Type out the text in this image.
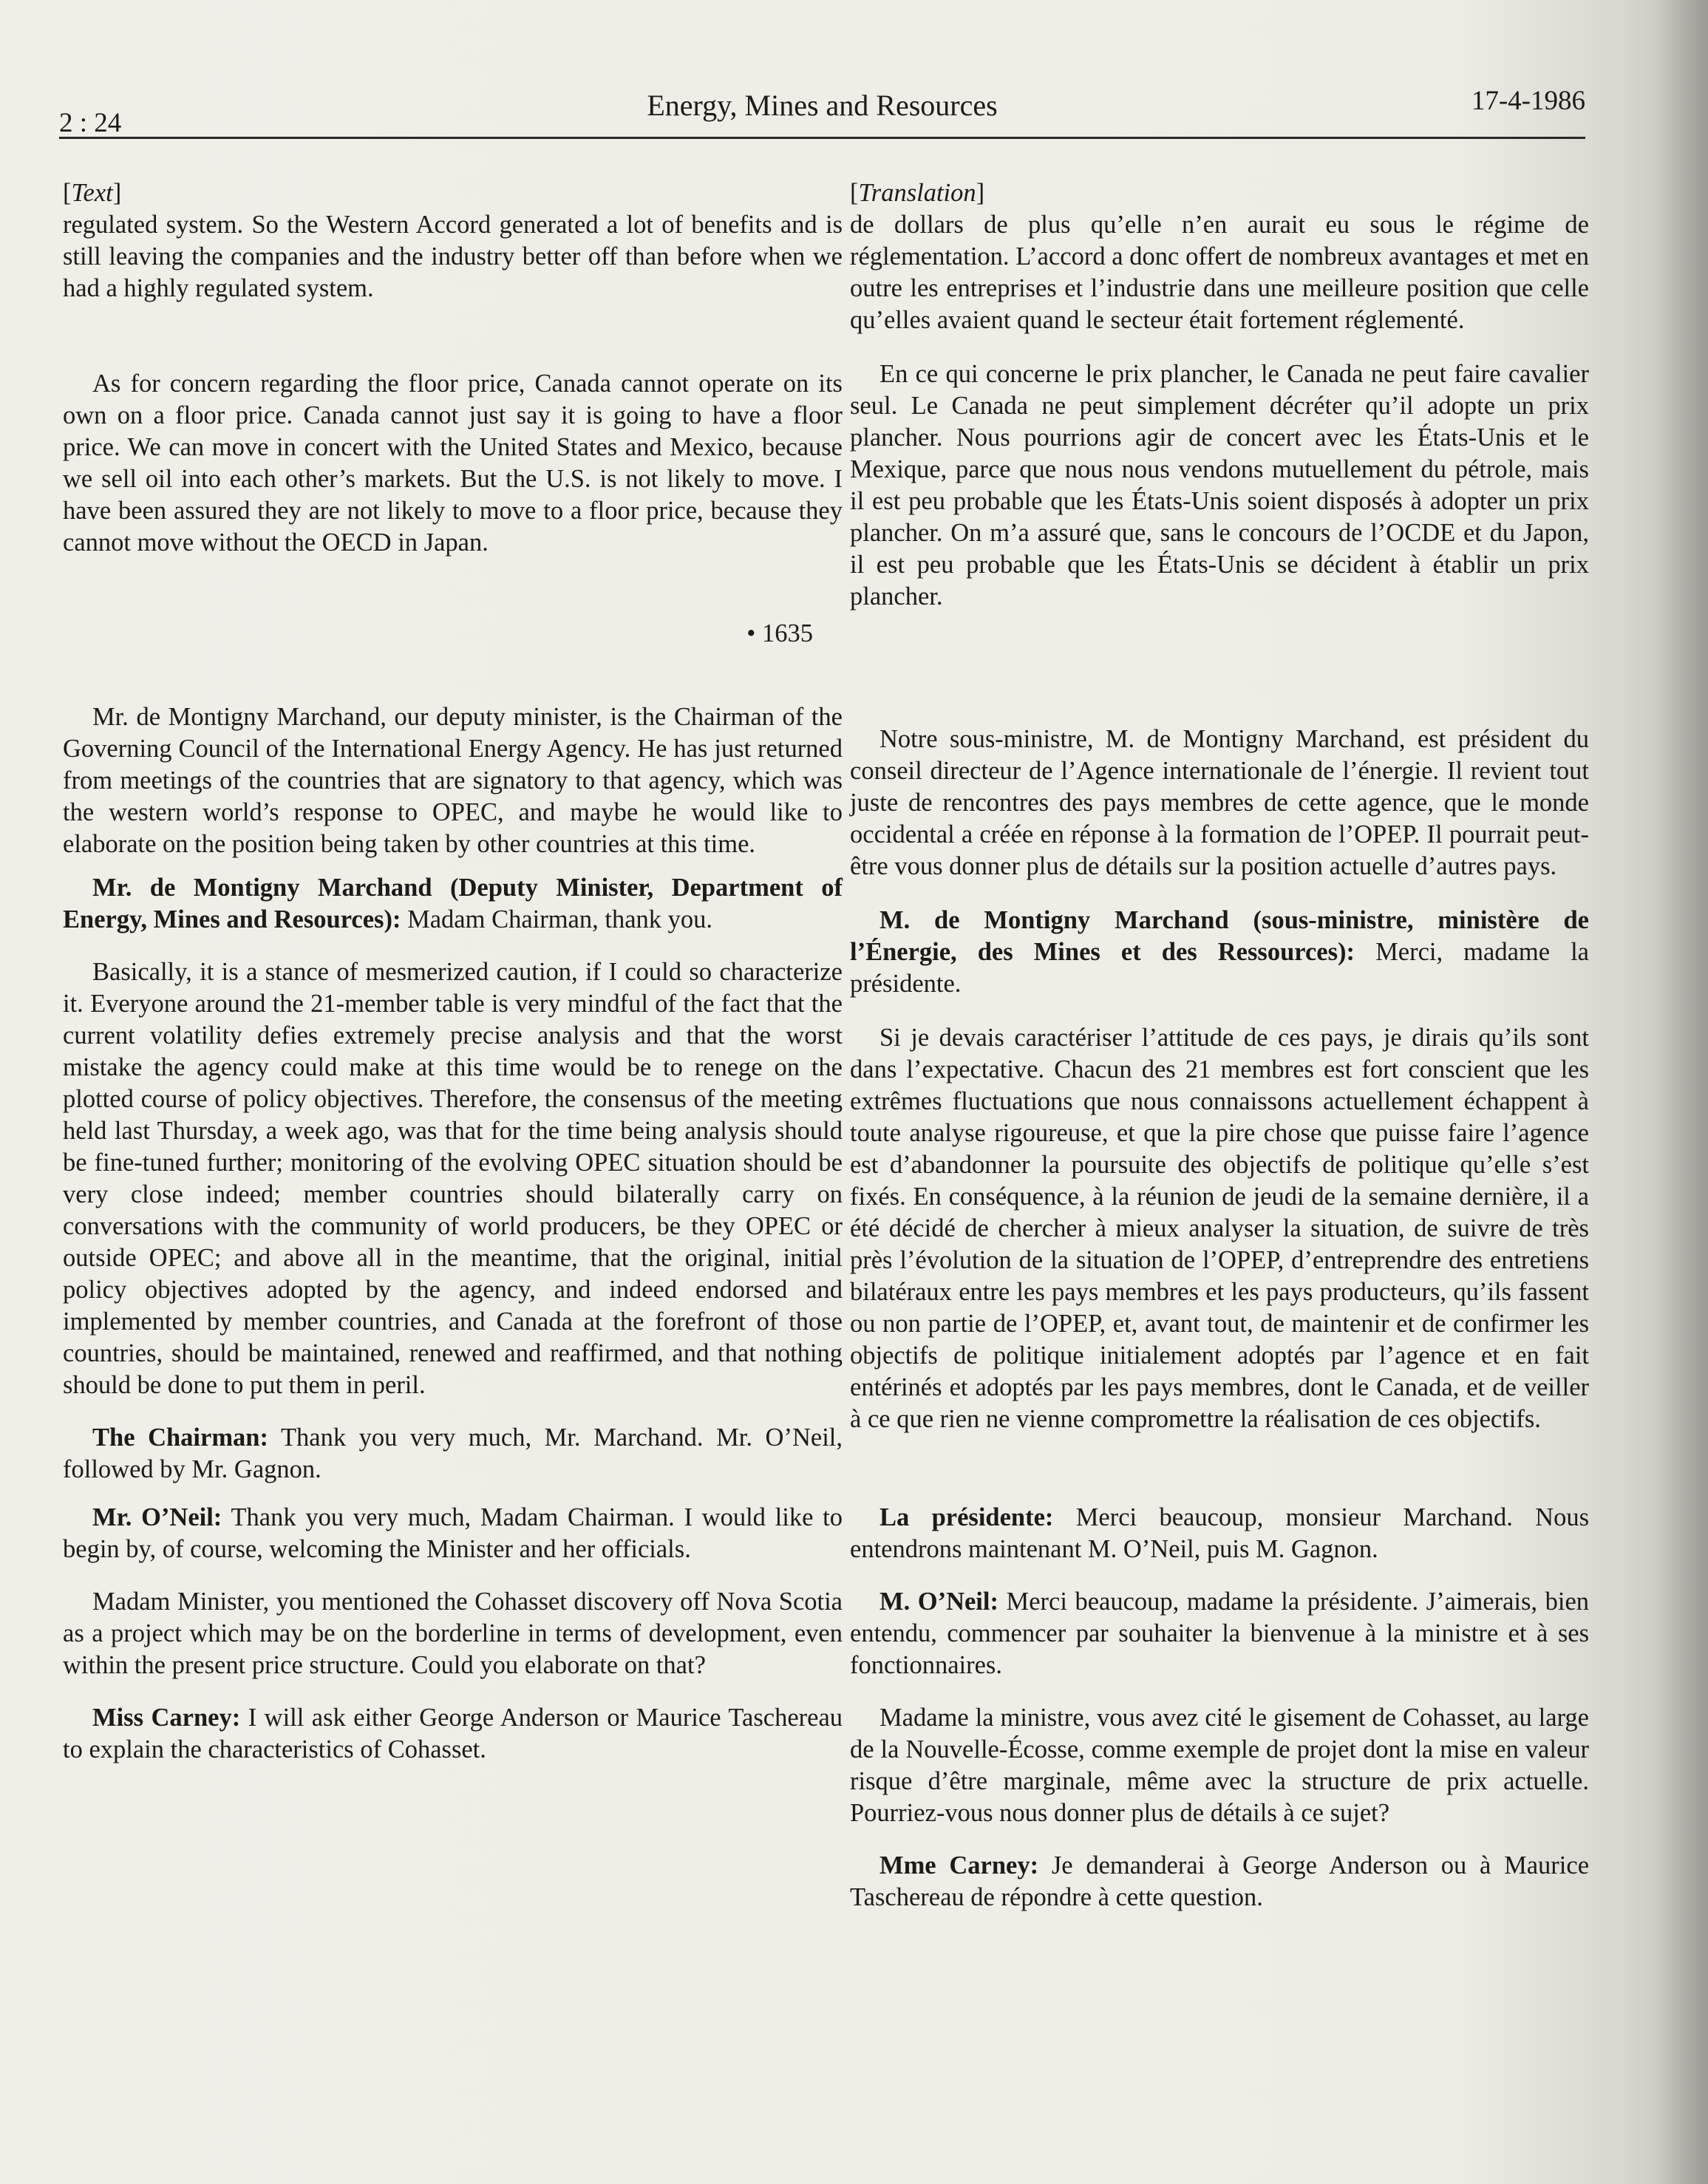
2 : 24
Energy, Mines and Resources	17-4-1986

[Text]

regulated system. So the Western Accord generated a lot of benefits and is still leaving the companies and the industry better off than before when we had a highly regulated system.

As for concern regarding the floor price, Canada cannot operate on its own on a floor price. Canada cannot just say it is going to have a floor price. We can move in concert with the United States and Mexico, because we sell oil into each other’s markets. But the U.S. is not likely to move. I have been assured they are not likely to move to a floor price, because they cannot move without the OECD in Japan.

• 1635

Mr. de Montigny Marchand, our deputy minister, is the Chairman of the Governing Council of the International Energy Agency. He has just returned from meetings of the countries that are signatory to that agency, which was the western world’s response to OPEC, and maybe he would like to elaborate on the position being taken by other countries at this time.

Mr. de Montigny Marchand (Deputy Minister, Department of Energy, Mines and Resources): Madam Chairman, thank you.

Basically, it is a stance of mesmerized caution, if I could so characterize it. Everyone around the 21-member table is very mindful of the fact that the current volatility defies extremely precise analysis and that the worst mistake the agency could make at this time would be to renege on the plotted course of policy objectives. Therefore, the consensus of the meeting held last Thursday, a week ago, was that for the time being analysis should be fine-tuned further; monitoring of the evolving OPEC situation should be very close indeed; member countries should bilaterally carry on conversations with the community of world producers, be they OPEC or outside OPEC; and above all in the meantime, that the original, initial policy objectives adopted by the agency, and indeed endorsed and implemented by member countries, and Canada at the forefront of those countries, should be maintained, renewed and reaffirmed, and that nothing should be done to put them in peril.

The Chairman: Thank you very much, Mr. Marchand. Mr. O’Neil, followed by Mr. Gagnon.

Mr. O’Neil: Thank you very much, Madam Chairman. I would like to begin by, of course, welcoming the Minister and her officials.

Madam Minister, you mentioned the Cohasset discovery off Nova Scotia as a project which may be on the borderline in terms of development, even within the present price structure. Could you elaborate on that?

Miss Carney: I will ask either George Anderson or Maurice Taschereau to explain the characteristics of Cohasset.

[Translation]

de dollars de plus qu’elle n’en aurait eu sous le régime de réglementation. L’accord a donc offert de nombreux avantages et met en outre les entreprises et l’industrie dans une meilleure position que celle qu’elles avaient quand le secteur était fortement réglementé.

En ce qui concerne le prix plancher, le Canada ne peut faire cavalier seul. Le Canada ne peut simplement décréter qu’il adopte un prix plancher. Nous pourrions agir de concert avec les États-Unis et le Mexique, parce que nous nous vendons mutuellement du pétrole, mais il est peu probable que les États-Unis soient disposés à adopter un prix plancher. On m’a assuré que, sans le concours de l’OCDE et du Japon, il est peu probable que les États-Unis se décident à établir un prix plancher.

Notre sous-ministre, M. de Montigny Marchand, est président du conseil directeur de l’Agence internationale de l’énergie. Il revient tout juste de rencontres des pays membres de cette agence, que le monde occidental a créée en réponse à la formation de l’OPEP. Il pourrait peut-être vous donner plus de détails sur la position actuelle d’autres pays.

M. de Montigny Marchand (sous-ministre, ministère de l’Énergie, des Mines et des Ressources): Merci, madame la présidente.

Si je devais caractériser l’attitude de ces pays, je dirais qu’ils sont dans l’expectative. Chacun des 21 membres est fort conscient que les extrêmes fluctuations que nous connaissons actuellement échappent à toute analyse rigoureuse, et que la pire chose que puisse faire l’agence est d’abandonner la poursuite des objectifs de politique qu’elle s’est fixés. En conséquence, à la réunion de jeudi de la semaine dernière, il a été décidé de chercher à mieux analyser la situation, de suivre de très près l’évolution de la situation de l’OPEP, d’entreprendre des entretiens bilatéraux entre les pays membres et les pays producteurs, qu’ils fassent ou non partie de l’OPEP, et, avant tout, de maintenir et de confirmer les objectifs de politique initialement adoptés par l’agence et en fait entérinés et adoptés par les pays membres, dont le Canada, et de veiller à ce que rien ne vienne compromettre la réalisation de ces objectifs.

La présidente: Merci beaucoup, monsieur Marchand. Nous entendrons maintenant M. O’Neil, puis M. Gagnon.

M. O’Neil: Merci beaucoup, madame la présidente. J’aimerais, bien entendu, commencer par souhaiter la bienvenue à la ministre et à ses fonctionnaires.

Madame la ministre, vous avez cité le gisement de Cohasset, au large de la Nouvelle-Écosse, comme exemple de projet dont la mise en valeur risque d’être marginale, même avec la structure de prix actuelle. Pourriez-vous nous donner plus de détails à ce sujet?

Mme Carney: Je demanderai à George Anderson ou à Maurice Taschereau de répondre à cette question.
